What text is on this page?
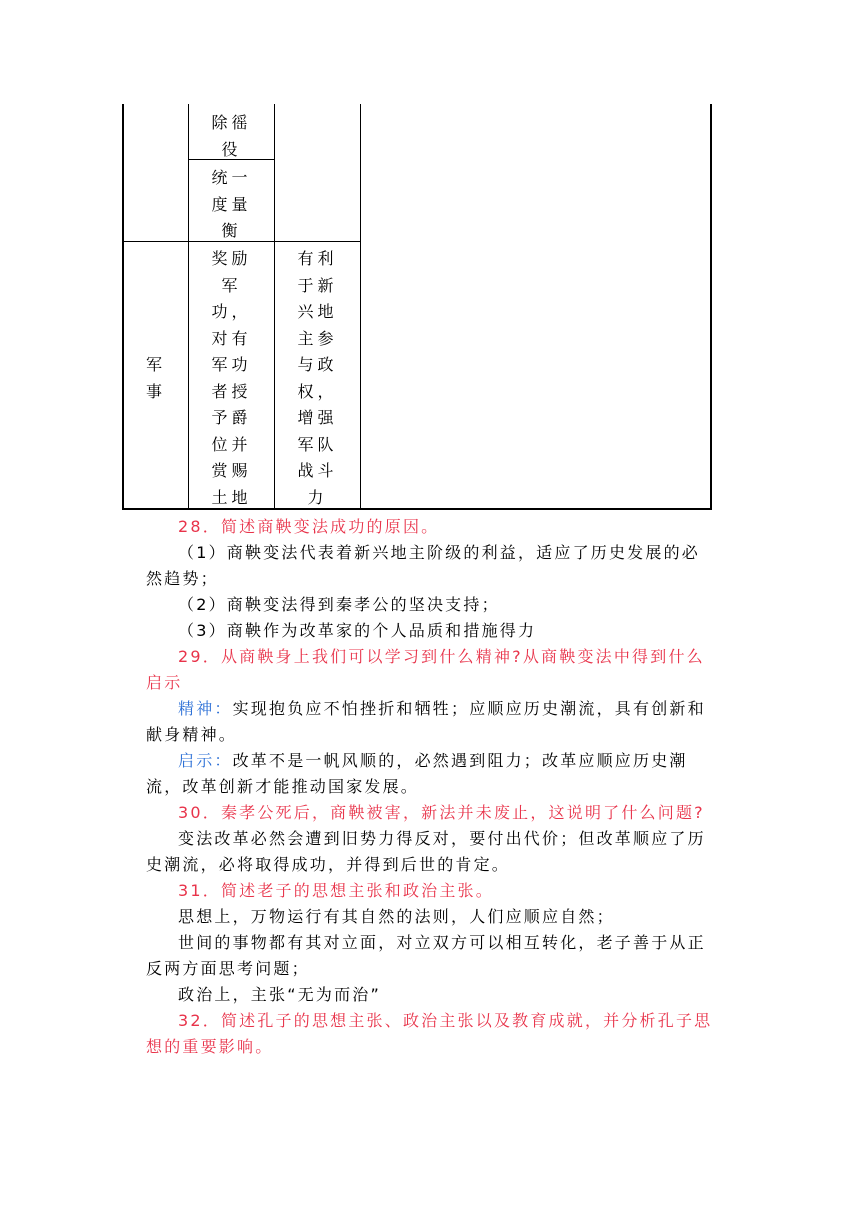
除徭
役
统一
度量
衡
军
事
奖励
军
功，
对有
军功
者授
予爵
位并
赏赐
土地
有利
于新
兴地
主参
与政
权，
增强
军队
战斗
力

28．简述商鞅变法成功的原因。

（1）商鞅变法代表着新兴地主阶级的利益，适应了历史发展的必然趋势；

（2）商鞅变法得到秦孝公的坚决支持；

（3）商鞅作为改革家的个人品质和措施得力

29．从商鞅身上我们可以学习到什么精神?从商鞅变法中得到什么启示

精神：实现抱负应不怕挫折和牺牲；应顺应历史潮流，具有创新和献身精神。

启示：改革不是一帆风顺的，必然遇到阻力；改革应顺应历史潮流，改革创新才能推动国家发展。

30．秦孝公死后，商鞅被害，新法并未废止，这说明了什么问题?

变法改革必然会遭到旧势力得反对，要付出代价；但改革顺应了历史潮流，必将取得成功，并得到后世的肯定。

31．简述老子的思想主张和政治主张。

思想上，万物运行有其自然的法则，人们应顺应自然；

世间的事物都有其对立面，对立双方可以相互转化，老子善于从正反两方面思考问题；

政治上，主张“无为而治”

32．简述孔子的思想主张、政治主张以及教育成就，并分析孔子思想的重要影响。
